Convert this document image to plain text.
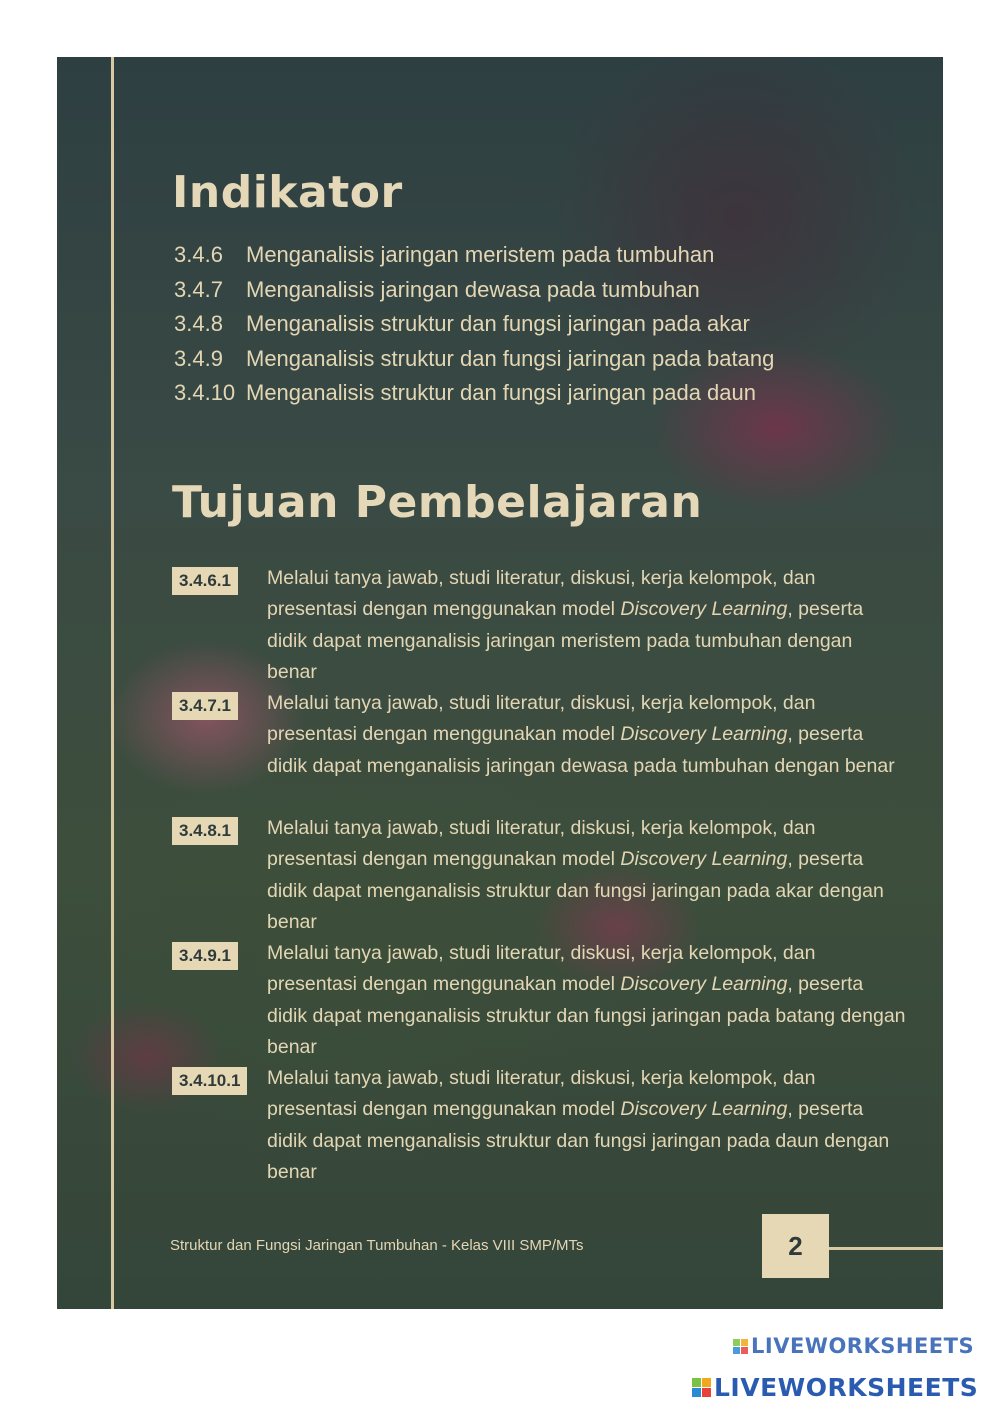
Indikator
3.4.6	Menganalisis jaringan meristem pada tumbuhan
3.4.7	Menganalisis jaringan dewasa pada tumbuhan
3.4.8	Menganalisis struktur dan fungsi jaringan pada akar
3.4.9	Menganalisis struktur dan fungsi jaringan pada batang
3.4.10 Menganalisis struktur dan fungsi jaringan pada daun
Tujuan Pembelajaran
3.4.6.1	Melalui tanya jawab, studi literatur, diskusi, kerja kelompok, dan presentasi dengan menggunakan model Discovery Learning, peserta didik dapat menganalisis jaringan meristem pada tumbuhan dengan benar

3.4.7.1	Melalui tanya jawab, studi literatur, diskusi, kerja kelompok, dan presentasi dengan menggunakan model Discovery Learning, peserta didik dapat menganalisis jaringan dewasa pada tumbuhan dengan benar

3.4.8.1	Melalui tanya jawab, studi literatur, diskusi, kerja kelompok, dan presentasi dengan menggunakan model Discovery Learning, peserta didik dapat menganalisis struktur dan fungsi jaringan pada akar dengan benar

3.4.9.1	Melalui tanya jawab, studi literatur, diskusi, kerja kelompok, dan presentasi dengan menggunakan model Discovery Learning, peserta didik dapat menganalisis struktur dan fungsi jaringan pada batang dengan benar

3.4.10.1	Melalui tanya jawab, studi literatur, diskusi, kerja kelompok, dan presentasi dengan menggunakan model Discovery Learning, peserta didik dapat menganalisis struktur dan fungsi jaringan pada daun dengan benar

Struktur dan Fungsi Jaringan Tumbuhan - Kelas VIII SMP/MTs	2
LIVEWORKSHEETS
LIVEWORKSHEETS
